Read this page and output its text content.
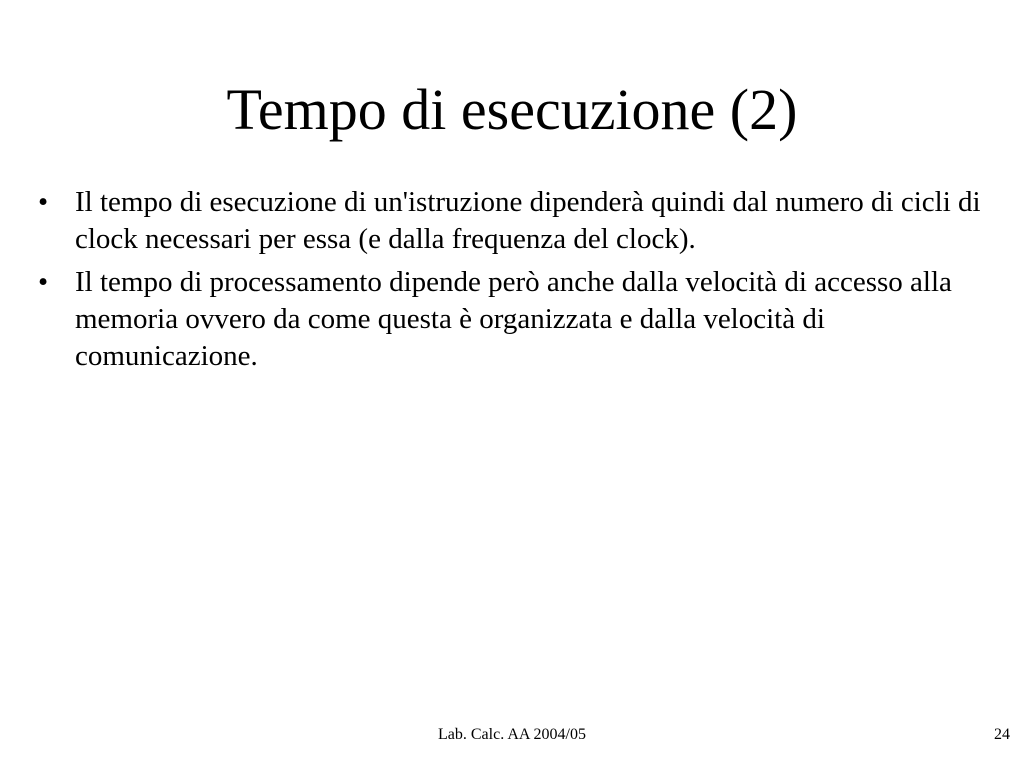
Tempo di esecuzione (2)
• Il tempo di esecuzione di un'istruzione dipenderà quindi dal numero di cicli di clock necessari per essa (e dalla frequenza del clock).
• Il tempo di processamento dipende però anche dalla velocità di accesso alla memoria ovvero da come questa è organizzata e dalla velocità di comunicazione.
Lab. Calc. AA 2004/05	24
